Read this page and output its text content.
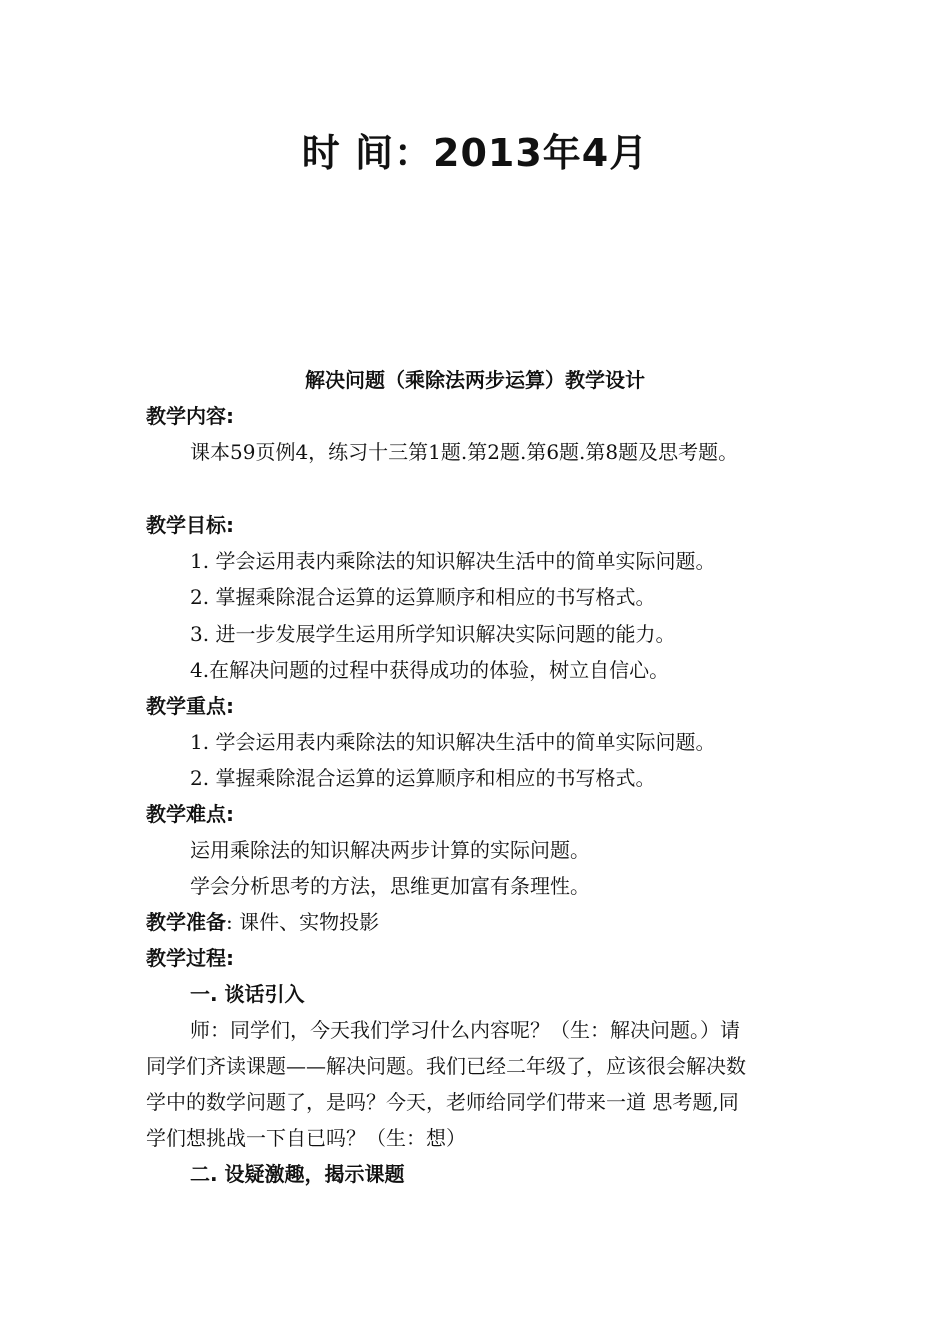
时 间：2013年4月
解决问题（乘除法两步运算）教学设计
教学内容:
课本59页例4，练习十三第1题.第2题.第6题.第8题及思考题。
教学目标:
1. 学会运用表内乘除法的知识解决生活中的简单实际问题。
2. 掌握乘除混合运算的运算顺序和相应的书写格式。
3. 进一步发展学生运用所学知识解决实际问题的能力。
4.在解决问题的过程中获得成功的体验，树立自信心。
教学重点:
1. 学会运用表内乘除法的知识解决生活中的简单实际问题。
2. 掌握乘除混合运算的运算顺序和相应的书写格式。
教学难点:
运用乘除法的知识解决两步计算的实际问题。
学会分析思考的方法，思维更加富有条理性。
教学准备: 课件、实物投影
教学过程:
一. 谈话引入
师：同学们，今天我们学习什么内容呢？（生：解决问题。）请
同学们齐读课题——解决问题。我们已经二年级了，应该很会解决数
学中的数学问题了，是吗？今天，老师给同学们带来一道 思考题,同
学们想挑战一下自已吗？（生：想）
二. 设疑激趣，揭示课题
